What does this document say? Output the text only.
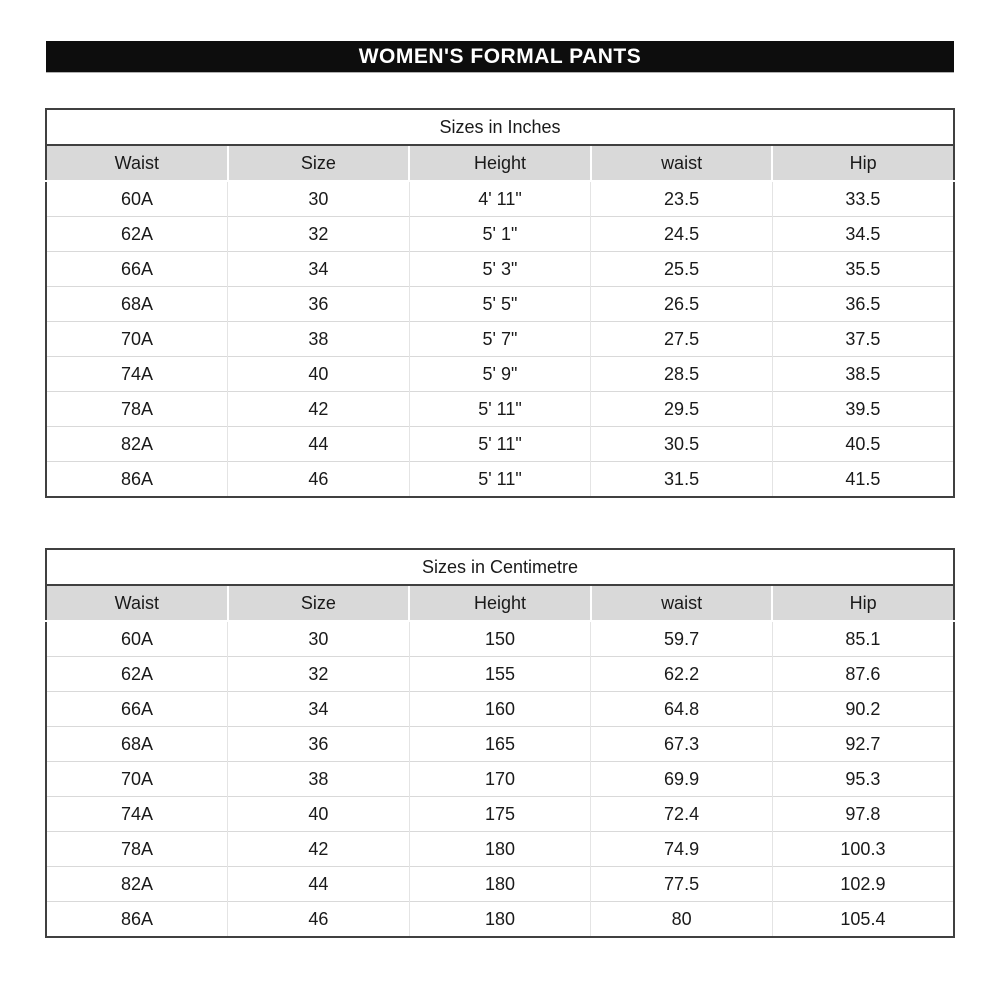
WOMEN'S FORMAL PANTS
Sizes in Inches				
Waist	Size	Height	waist	Hip
60A	30	4' 11"	23.5	33.5
62A	32	5' 1"	24.5	34.5
66A	34	5' 3"	25.5	35.5
68A	36	5' 5"	26.5	36.5
70A	38	5' 7"	27.5	37.5
74A	40	5' 9"	28.5	38.5
78A	42	5' 11"	29.5	39.5
82A	44	5' 11"	30.5	40.5
86A	46	5' 11"	31.5	41.5
Sizes in Centimetre				
Waist	Size	Height	waist	Hip
60A	30	150	59.7	85.1
62A	32	155	62.2	87.6
66A	34	160	64.8	90.2
68A	36	165	67.3	92.7
70A	38	170	69.9	95.3
74A	40	175	72.4	97.8
78A	42	180	74.9	100.3
82A	44	180	77.5	102.9
86A	46	180	80	105.4
